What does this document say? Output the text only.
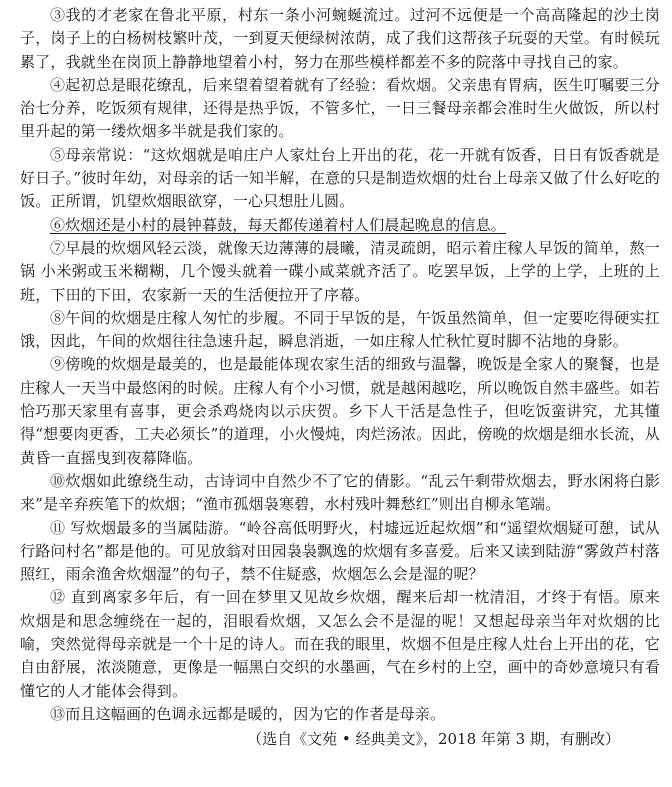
③我的才老家在鲁北平原，村东一条小河蜿蜒流过。过河不远便是一个高高隆起的沙土岗子，岗子上的白杨树枝繁叶茂，一到夏天便绿树浓荫，成了我们这帮孩子玩耍的天堂。有时候玩累了，我就坐在岗顶上静静地望着小村，努力在那些模样都差不多的院落中寻找自己的家。

④起初总是眼花缭乱，后来望着望着就有了经验：看炊烟。父亲患有胃病，医生叮嘱要三分治七分养，吃饭须有规律，还得是热乎饭，不管多忙，一日三餐母亲都会准时生火做饭，所以村里升起的第一缕炊烟多半就是我们家的。

⑤母亲常说：“这炊烟就是咱庄户人家灶台上开出的花，花一开就有饭香，日日有饭香就是好日子。”彼时年幼，对母亲的话一知半解，在意的只是制造炊烟的灶台上母亲又做了什么好吃的饭。正所谓，饥望炊烟眼欲穿，一心只想肚儿圆。

⑥炊烟还是小村的晨钟暮鼓，每天都传递着村人们晨起晚息的信息。

⑦早晨的炊烟风轻云淡，就像天边薄薄的晨曦，清灵疏朗，昭示着庄稼人早饭的简单，熬一锅 小米粥或玉米糊糊，几个馒头就着一碟小咸菜就齐活了。吃罢早饭，上学的上学，上班的上班，下田的下田，农家新一天的生活便拉开了序幕。

⑧午间的炊烟是庄稼人匆忙的步履。不同于早饭的是，午饭虽然简单，但一定要吃得硬实扛饿，因此，午间的炊烟往往急速升起，瞬息消逝，一如庄稼人忙秋忙夏时脚不沾地的身影。

⑨傍晚的炊烟是最美的，也是最能体现农家生活的细致与温馨，晚饭是全家人的聚餐，也是庄稼人一天当中最悠闲的时候。庄稼人有个小习惯，就是越闲越吃，所以晚饭自然丰盛些。如若恰巧那天家里有喜事，更会杀鸡烧肉以示庆贺。乡下人干活是急性子，但吃饭蛮讲究，尤其懂得“想要肉更香，工夫必须长”的道理，小火慢炖，肉烂汤浓。因此，傍晚的炊烟是细水长流，从黄昏一直摇曳到夜幕降临。

⑩炊烟如此缭绕生动，古诗词中自然少不了它的倩影。“乱云午剩带炊烟去，野水闲将白影来”是辛弃疾笔下的炊烟；“渔市孤烟袅寒碧，水村残叶舞愁红”则出自柳永笔端。

⑪ 写炊烟最多的当属陆游。“岭谷高低明野火，村墟远近起炊烟”和“遥望炊烟疑可憩，试从行路问村名”都是他的。可见放翁对田园袅袅飘逸的炊烟有多喜爱。后来又读到陆游“雾敛芦村落照红，雨余渔舍炊烟湿”的句子，禁不住疑惑，炊烟怎么会是湿的呢？

⑫ 直到离家多年后，有一回在梦里又见故乡炊烟，醒来后却一枕清泪，才终于有悟。原来炊烟是和思念缠绕在一起的，泪眼看炊烟，又怎么会不是湿的呢！又想起母亲当年对炊烟的比喻，突然觉得母亲就是一个十足的诗人。而在我的眼里，炊烟不但是庄稼人灶台上开出的花，它自由舒展，浓淡随意，更像是一幅黑白交织的水墨画，气在乡村的上空，画中的奇妙意境只有看懂它的人才能体会得到。

⑬而且这幅画的色调永远都是暖的，因为它的作者是母亲。

（选自《文苑 • 经典美文》，2018 年第 3 期，有删改）
